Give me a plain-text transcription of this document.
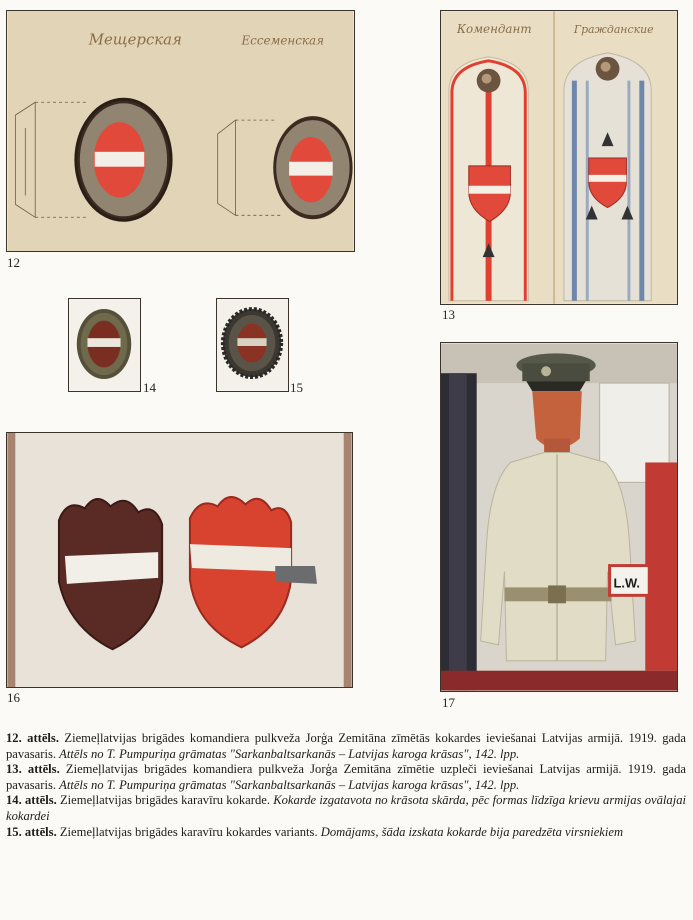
Мещерская	Ессеменская
12
Комендант	Гражданские
13
14	15
16
L.W.
17

12. attēls. Ziemeļlatvijas brigādes komandiera pulkveža Jorģa Zemitāna zīmētās kokardes ieviešanai Latvijas armijā. 1919. gada pavasaris. Attēls no T. Pumpuriņa grāmatas "Sarkanbaltsarkanās – Latvijas karoga krāsas", 142. lpp.

13. attēls. Ziemeļlatvijas brigādes komandiera pulkveža Jorģa Zemitāna zīmētie uzpleči ieviešanai Latvijas armijā. 1919. gada pavasaris. Attēls no T. Pumpuriņa grāmatas "Sarkanbaltsarkanās – Latvijas karoga krāsas", 142. lpp.

14. attēls. Ziemeļlatvijas brigādes karavīru kokarde. Kokarde izgatavota no krāsota skārda, pēc formas līdzīga krievu armijas ovālajai kokardei

15. attēls. Ziemeļlatvijas brigādes karavīru kokardes variants. Domājams, šāda izskata kokarde bija paredzēta virsniekiem
